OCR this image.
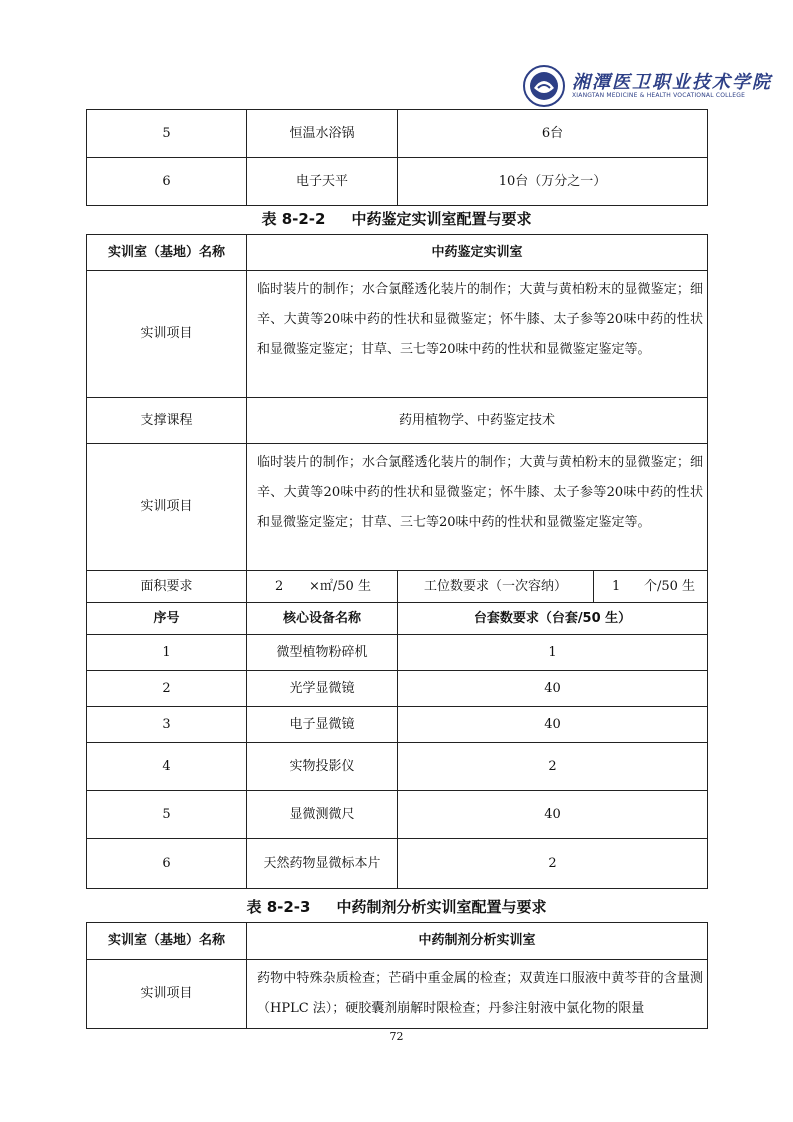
湘潭医卫职业技术学院
XIANGTAN MEDICINE & HEALTH VOCATIONAL COLLEGE
5	恒温水浴锅	6台
6	电子天平	10台（万分之一）
表 8-2-2 中药鉴定实训室配置与要求
实训室（基地）名称	中药鉴定实训室		
实训项目	临时装片的制作；水合氯醛透化装片的制作；大黄与黄柏粉末的显微鉴定；细辛、大黄等20味中药的性状和显微鉴定；怀牛膝、太子参等20味中药的性状和显微鉴定鉴定；甘草、三七等20味中药的性状和显微鉴定鉴定等。		
支撑课程	药用植物学、中药鉴定技术		
实训项目	临时装片的制作；水合氯醛透化装片的制作；大黄与黄柏粉末的显微鉴定；细辛、大黄等20味中药的性状和显微鉴定；怀牛膝、太子参等20味中药的性状和显微鉴定鉴定；甘草、三七等20味中药的性状和显微鉴定鉴定等。		
面积要求	2 ×㎡/50 生	工位数要求（一次容纳）	1 个/50 生

序号	核心设备名称	台套数要求（台套/50 生）	
1	微型植物粉碎机	1	
2	光学显微镜	40	
3	电子显微镜	40	
4	实物投影仪	2	
5	显微测微尺	40	
6	天然药物显微标本片	2	
表 8-2-3 中药制剂分析实训室配置与要求
实训室（基地）名称	中药制剂分析实训室
实训项目	药物中特殊杂质检查；芒硝中重金属的检查；双黄连口服液中黄芩苷的含量测（HPLC 法）；硬胶囊剂崩解时限检查；丹参注射液中氯化物的限量
72
